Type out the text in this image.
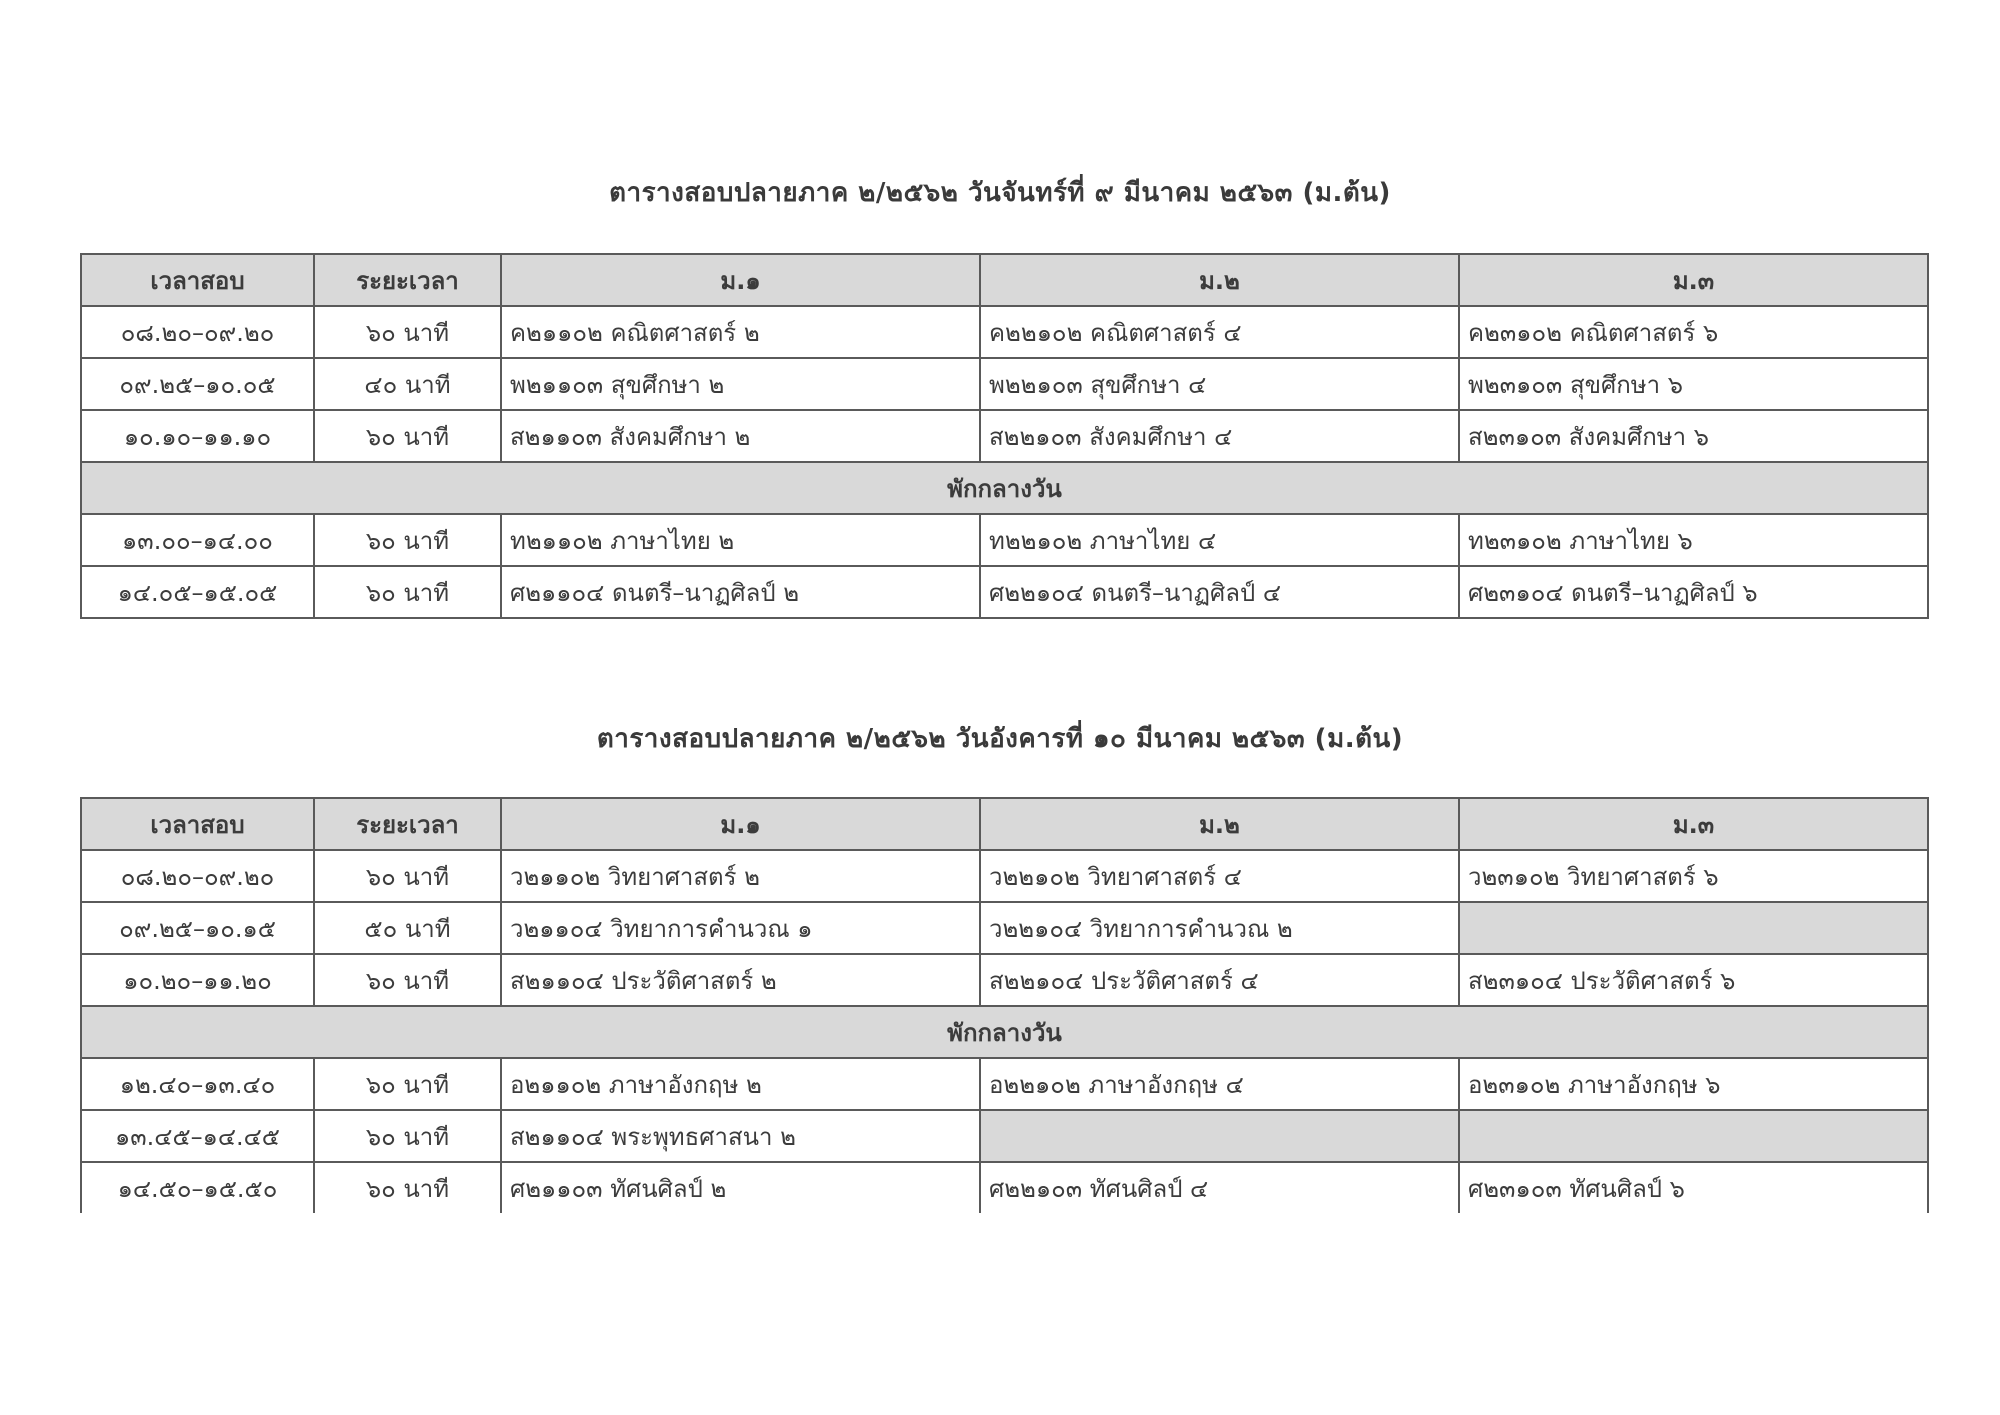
ตารางสอบปลายภาค ๒/๒๕๖๒ วันจันทร์ที่ ๙ มีนาคม ๒๕๖๓ (ม.ต้น)
เวลาสอบ	ระยะเวลา	ม.๑	ม.๒	ม.๓
๐๘.๒๐–๐๙.๒๐	๖๐ นาที	ค๒๑๑๐๒ คณิตศาสตร์ ๒	ค๒๒๑๐๒ คณิตศาสตร์ ๔	ค๒๓๑๐๒ คณิตศาสตร์ ๖
๐๙.๒๕–๑๐.๐๕	๔๐ นาที	พ๒๑๑๐๓ สุขศึกษา ๒	พ๒๒๑๐๓ สุขศึกษา ๔	พ๒๓๑๐๓ สุขศึกษา ๖
๑๐.๑๐–๑๑.๑๐	๖๐ นาที	ส๒๑๑๐๓ สังคมศึกษา ๒	ส๒๒๑๐๓ สังคมศึกษา ๔	ส๒๓๑๐๓ สังคมศึกษา ๖
พักกลางวัน				
๑๓.๐๐–๑๔.๐๐	๖๐ นาที	ท๒๑๑๐๒ ภาษาไทย ๒	ท๒๒๑๐๒ ภาษาไทย ๔	ท๒๓๑๐๒ ภาษาไทย ๖
๑๔.๐๕–๑๕.๐๕	๖๐ นาที	ศ๒๑๑๐๔ ดนตรี–นาฏศิลป์ ๒	ศ๒๒๑๐๔ ดนตรี–นาฏศิลป์ ๔	ศ๒๓๑๐๔ ดนตรี–นาฏศิลป์ ๖
ตารางสอบปลายภาค ๒/๒๕๖๒ วันอังคารที่ ๑๐ มีนาคม ๒๕๖๓ (ม.ต้น)
เวลาสอบ	ระยะเวลา	ม.๑	ม.๒	ม.๓
๐๘.๒๐–๐๙.๒๐	๖๐ นาที	ว๒๑๑๐๒ วิทยาศาสตร์ ๒	ว๒๒๑๐๒ วิทยาศาสตร์ ๔	ว๒๓๑๐๒ วิทยาศาสตร์ ๖
๐๙.๒๕–๑๐.๑๕	๕๐ นาที	ว๒๑๑๐๔ วิทยาการคำนวณ ๑	ว๒๒๑๐๔ วิทยาการคำนวณ ๒	
๑๐.๒๐–๑๑.๒๐	๖๐ นาที	ส๒๑๑๐๔ ประวัติศาสตร์ ๒	ส๒๒๑๐๔ ประวัติศาสตร์ ๔	ส๒๓๑๐๔ ประวัติศาสตร์ ๖
พักกลางวัน				
๑๒.๔๐–๑๓.๔๐	๖๐ นาที	อ๒๑๑๐๒ ภาษาอังกฤษ ๒	อ๒๒๑๐๒ ภาษาอังกฤษ ๔	อ๒๓๑๐๒ ภาษาอังกฤษ ๖
๑๓.๔๕–๑๔.๔๕	๖๐ นาที	ส๒๑๑๐๔ พระพุทธศาสนา ๒		
๑๔.๕๐–๑๕.๕๐	๖๐ นาที	ศ๒๑๑๐๓ ทัศนศิลป์ ๒	ศ๒๒๑๐๓ ทัศนศิลป์ ๔	ศ๒๓๑๐๓ ทัศนศิลป์ ๖
